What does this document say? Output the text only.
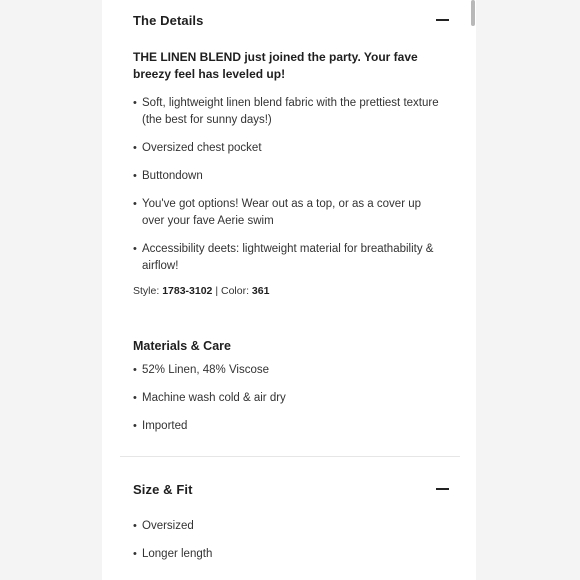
The Details
THE LINEN BLEND just joined the party. Your fave breezy feel has leveled up!
• Soft, lightweight linen blend fabric with the prettiest texture (the best for sunny days!)
• Oversized chest pocket
• Buttondown
• You've got options! Wear out as a top, or as a cover up over your fave Aerie swim
• Accessibility deets: lightweight material for breathability & airflow!
Style: 1783-3102 | Color: 361
Materials & Care
• 52% Linen, 48% Viscose
• Machine wash cold & air dry
• Imported
Size & Fit
• Oversized
• Longer length
